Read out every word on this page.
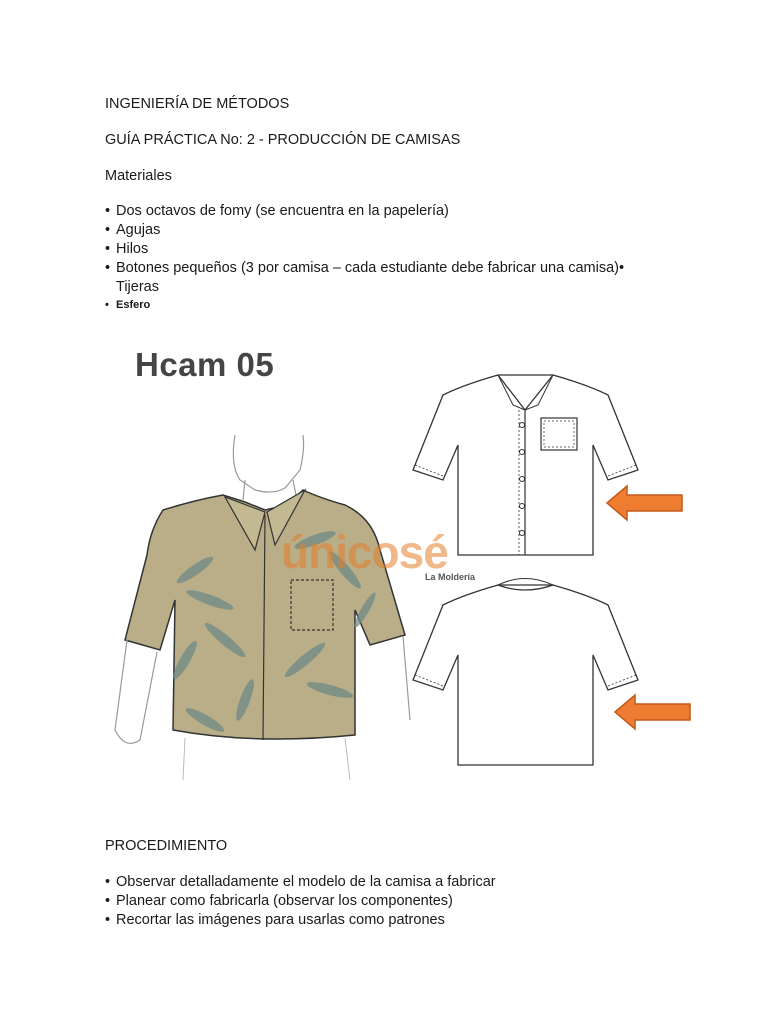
INGENIERÍA DE MÉTODOS
GUÍA PRÁCTICA No: 2 - PRODUCCIÓN DE CAMISAS
Materiales
• Dos octavos de fomy (se encuentra en la papelería)
• Agujas
• Hilos
• Botones pequeños (3 por camisa – cada estudiante debe fabricar una camisa)•
Tijeras
• Esfero
Hcam 05
únicosé
La Moldería
PROCEDIMIENTO
• Observar detalladamente el modelo de la camisa a fabricar
• Planear como fabricarla (observar los componentes)
• Recortar las imágenes para usarlas como patrones
